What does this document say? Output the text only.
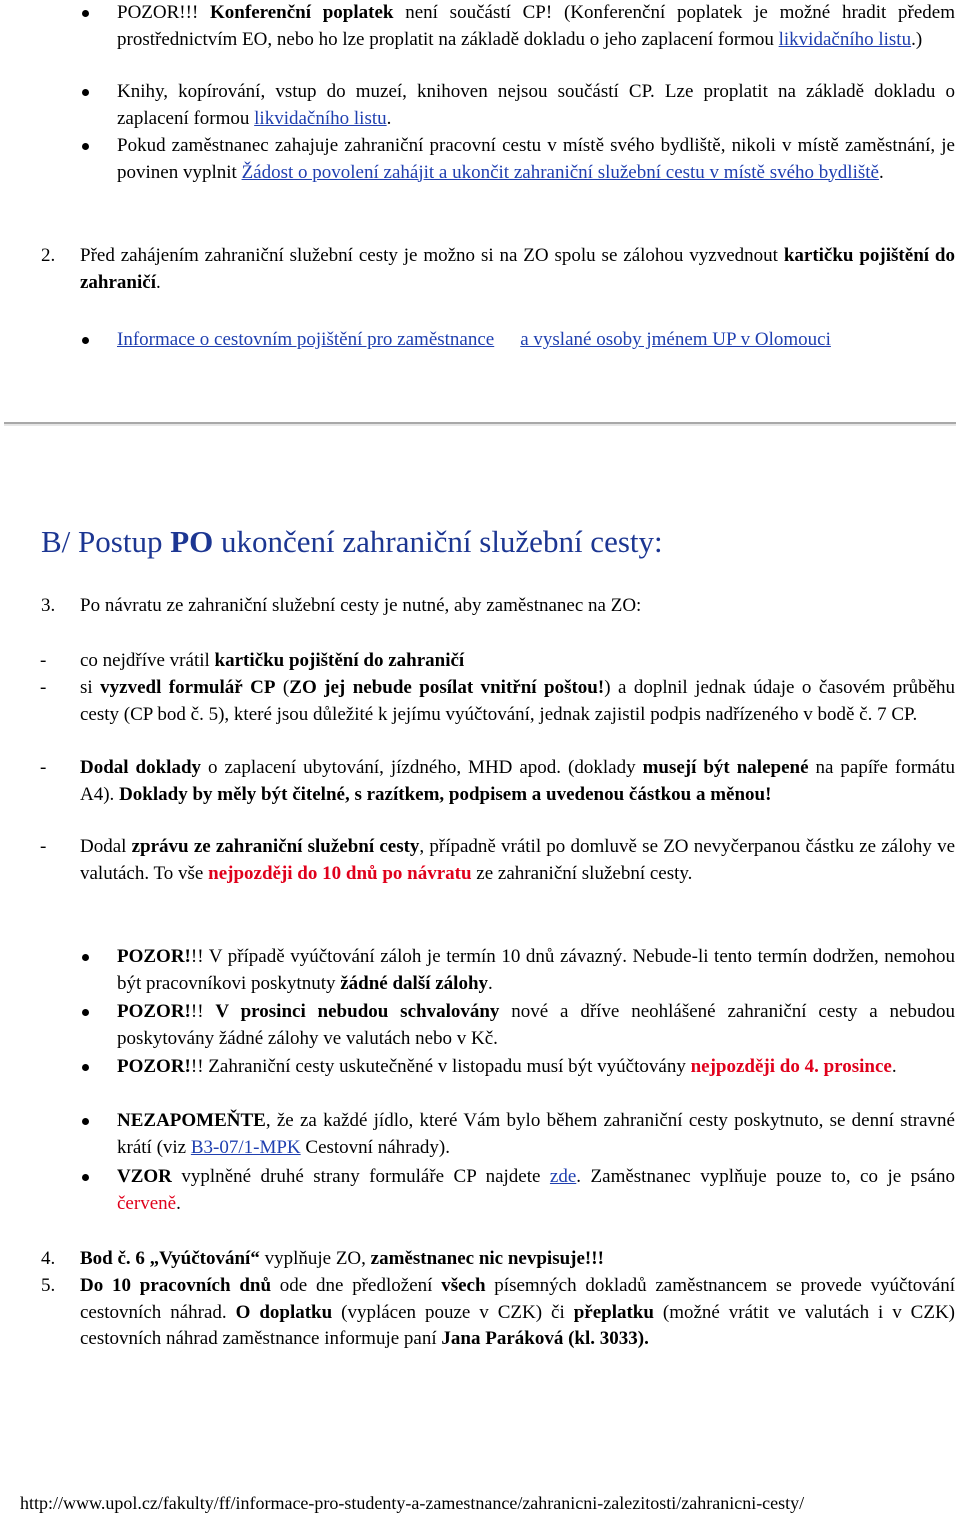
POZOR!!! Konferenční poplatek není součástí CP! (Konferenční poplatek je možné hradit předem prostřednictvím EO, nebo ho lze proplatit na základě dokladu o jeho zaplacení formou likvidačního listu.)
Knihy, kopírování, vstup do muzeí, knihoven nejsou součástí CP. Lze proplatit na základě dokladu o zaplacení formou likvidačního listu.
Pokud zaměstnanec zahajuje zahraniční pracovní cestu v místě svého bydliště, nikoli v místě zaměstnání, je povinen vyplnit Žádost o povolení zahájit a ukončit zahraniční služební cestu v místě svého bydliště.
2. Před zahájením zahraniční služební cesty je možno si na ZO spolu se zálohou vyzvednout kartičku pojištění do zahraničí.
Informace o cestovním pojištění pro zaměstnance a vyslané osoby jménem UP v Olomouci
B/ Postup PO ukončení zahraniční služební cesty:
3. Po návratu ze zahraniční služební cesty je nutné, aby zaměstnanec na ZO:
- co nejdříve vrátil kartičku pojištění do zahraničí
- si vyzvedl formulář CP (ZO jej nebude posílat vnitřní poštou!) a doplnil jednak údaje o časovém průběhu cesty (CP bod č. 5), které jsou důležité k jejímu vyúčtování, jednak zajistil podpis nadřízeného v bodě č. 7 CP.
- Dodal doklady o zaplacení ubytování, jízdného, MHD apod. (doklady musejí být nalepené na papíře formátu A4). Doklady by měly být čitelné, s razítkem, podpisem a uvedenou částkou a měnou!
- Dodal zprávu ze zahraniční služební cesty, případně vrátil po domluvě se ZO nevyčerpanou částku ze zálohy ve valutách. To vše nejpozději do 10 dnů po návratu ze zahraniční služební cesty.
POZOR!!! V případě vyúčtování záloh je termín 10 dnů závazný. Nebude-li tento termín dodržen, nemohou být pracovníkovi poskytnuty žádné další zálohy.
POZOR!!! V prosinci nebudou schvalovány nové a dříve neohlášené zahraniční cesty a nebudou poskytovány žádné zálohy ve valutách nebo v Kč.
POZOR!!! Zahraniční cesty uskutečněné v listopadu musí být vyúčtovány nejpozději do 4. prosince.
NEZAPOMEŇTE, že za každé jídlo, které Vám bylo během zahraniční cesty poskytnuto, se denní stravné krátí (viz B3-07/1-MPK Cestovní náhrady).
VZOR vyplněné druhé strany formuláře CP najdete zde. Zaměstnanec vyplňuje pouze to, co je psáno červeně.
4. Bod č. 6 „Vyúčtování“ vyplňuje ZO, zaměstnanec nic nevpisuje!!!
5. Do 10 pracovních dnů ode dne předložení všech písemných dokladů zaměstnancem se provede vyúčtování cestovních náhrad. O doplatku (vyplácen pouze v CZK) či přeplatku (možné vrátit ve valutách i v CZK) cestovních náhrad zaměstnance informuje paní Jana Paráková (kl. 3033).
http://www.upol.cz/fakulty/ff/informace-pro-studenty-a-zamestnance/zahranicni-zalezitosti/zahranicni-cesty/
